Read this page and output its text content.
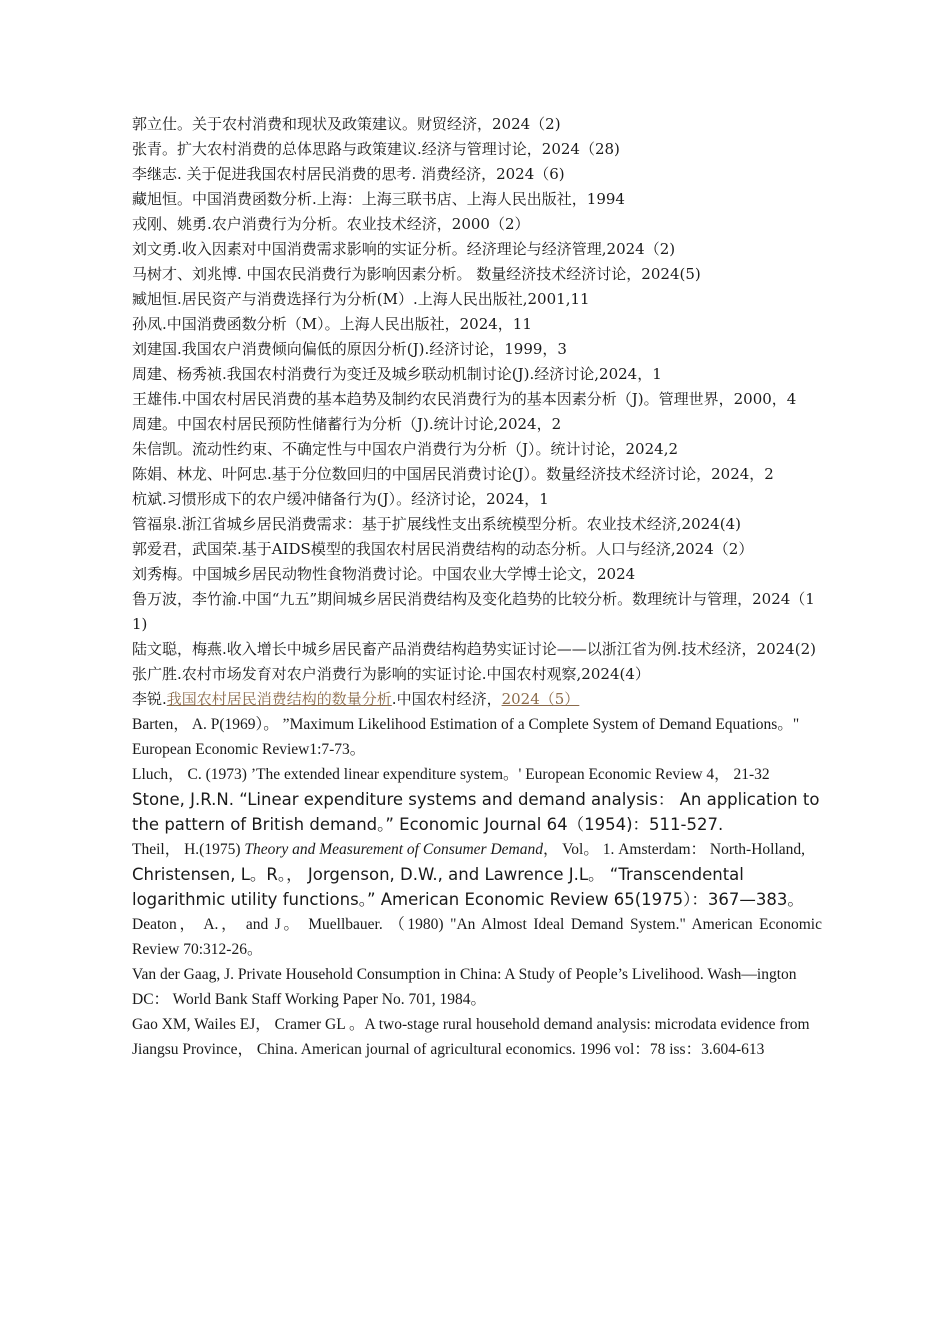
郭立仕。关于农村消费和现状及政策建议。财贸经济，2024（2)

张青。扩大农村消费的总体思路与政策建议.经济与管理讨论，2024（28)

李继志. 关于促进我国农村居民消费的思考. 消费经济，2024（6)

藏旭恒。中国消费函数分析.上海：上海三联书店、上海人民出版社，1994

戎刚、姚勇.农户消费行为分析。农业技术经济，2000（2）

刘文勇.收入因素对中国消费需求影响的实证分析。经济理论与经济管理,2024（2)

马树才、刘兆博. 中国农民消费行为影响因素分析。 数量经济技术经济讨论，2024(5)

臧旭恒.居民资产与消费选择行为分析(M）.上海人民出版社,2001,11

孙凤.中国消费函数分析（M）。上海人民出版社，2024，11

刘建国.我国农户消费倾向偏低的原因分析(J).经济讨论，1999，3

周建、杨秀祯.我国农村消费行为变迁及城乡联动机制讨论(J).经济讨论,2024，1

王雄伟.中国农村居民消费的基本趋势及制约农民消费行为的基本因素分析（J)。管理世界，2000，4

周建。中国农村居民预防性储蓄行为分析（J).统计讨论,2024，2

朱信凯。流动性约束、不确定性与中国农户消费行为分析（J）。统计讨论，2024,2

陈娟、林龙、叶阿忠.基于分位数回归的中国居民消费讨论(J）。数量经济技术经济讨论，2024，2

杭斌.习惯形成下的农户缓冲储备行为(J）。经济讨论，2024，1

管福泉.浙江省城乡居民消费需求：基于扩展线性支出系统模型分析。农业技术经济,2024(4)

郭爱君，武国荣.基于AIDS模型的我国农村居民消费结构的动态分析。人口与经济,2024（2）

刘秀梅。中国城乡居民动物性食物消费讨论。中国农业大学博士论文，2024

鲁万波，李竹渝.中国“九五”期间城乡居民消费结构及变化趋势的比较分析。数理统计与管理，2024（11)

陆文聪，梅燕.收入增长中城乡居民畜产品消费结构趋势实证讨论——以浙江省为例.技术经济，2024(2)

张广胜.农村市场发育对农户消费行为影响的实证讨论.中国农村观察,2024(4）

李锐.我国农村居民消费结构的数量分析.中国农村经济，2024（5）

Barten， A. P(1969）。 ”Maximum Likelihood Estimation of a Complete System of Demand Equations。" European Economic Review1:7-73。

Lluch， C. (1973) ’The extended linear expenditure system。' European Economic Review 4， 21-32

Stone, J.R.N. “Linear expenditure systems and demand analysis： An application to the pattern of British demand。” Economic Journal 64（1954)：511-527.

Theil， H.(1975) Theory and Measurement of Consumer Demand， Vol。 1. Amsterdam： North-Holland,

Christensen, L。R。， Jorgenson, D.W., and Lawrence J.L。 “Transcendental logarithmic utility functions。” American Economic Review 65(1975）：367—383。

Deaton， A.， and J。 Muellbauer. （1980) "An Almost Ideal Demand System." American Economic Review 70:312-26。

Van der Gaag, J. Private Household Consumption in China: A Study of People’s Livelihood. Wash—ington DC： World Bank Staff Working Paper No. 701, 1984。

Gao XM, Wailes EJ， Cramer GL 。A two-stage rural household demand analysis: microdata evidence from Jiangsu Province， China. American journal of agricultural economics. 1996 vol：78 iss：3.604-613
